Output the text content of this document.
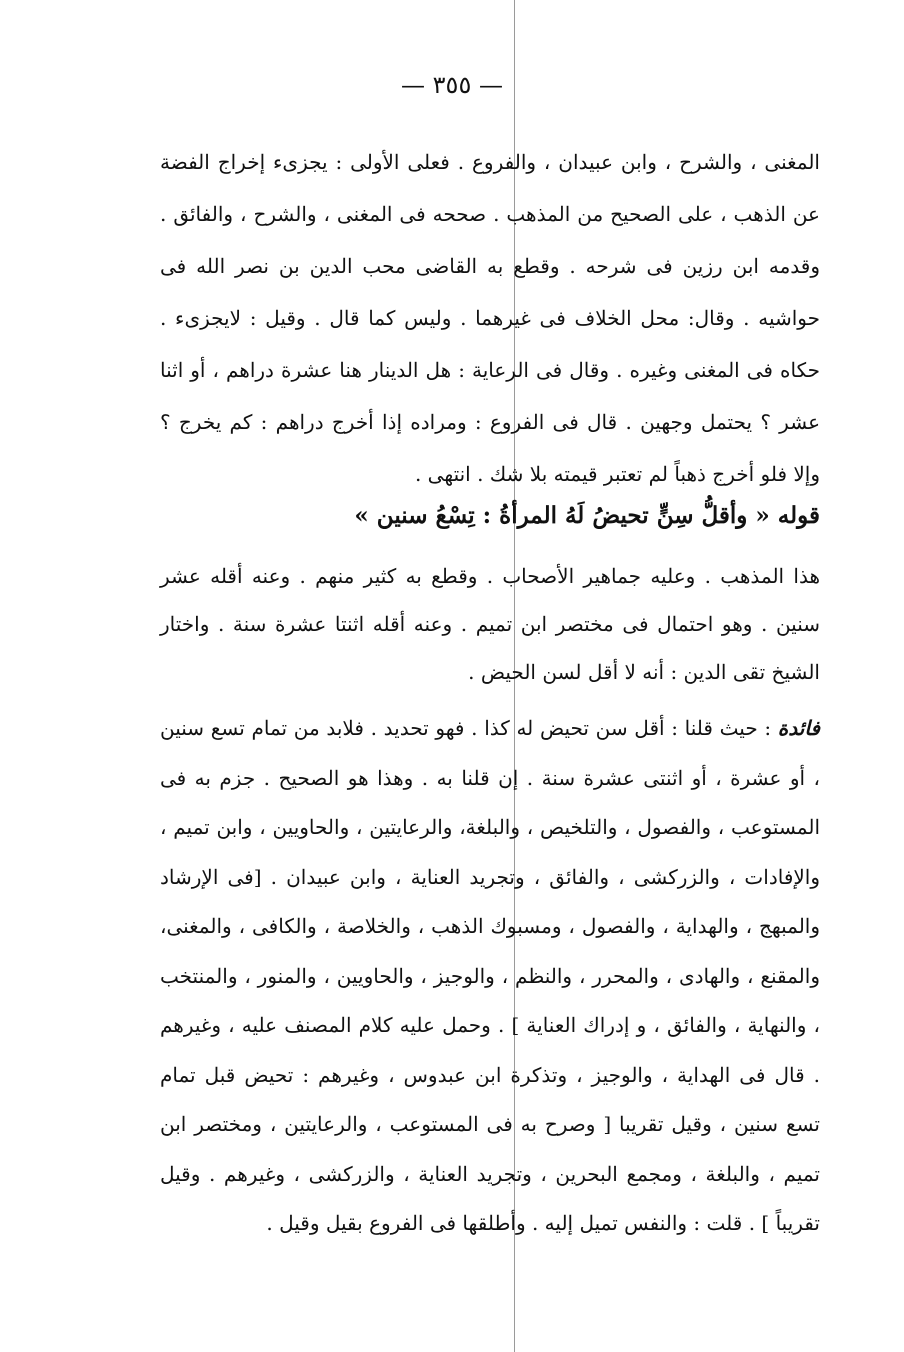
— ٣٥٥ —

المغنى ، والشرح ، وابن عبيدان ، والفروع . فعلى الأولى : يجزىء إخراج الفضة عن الذهب ، على الصحيح من المذهب . صححه فى المغنى ، والشرح ، والفائق . وقدمه ابن رزين فى شرحه . وقطع به القاضى محب الدين بن نصر الله فى حواشيه . وقال: محل الخلاف فى غيرهما . وليس كما قال . وقيل : لايجزىء . حكاه فى المغنى وغيره . وقال فى الرعاية : هل الدينار هنا عشرة دراهم ، أو اثنا عشر ؟ يحتمل وجهين . قال فى الفروع : ومراده إذا أخرج دراهم : كم يخرج ؟ وإلا فلو أخرج ذهباً لم تعتبر قيمته بلا شك . انتهى .

قوله « وأقلُّ سِنٍّ تحيضُ لَهُ المرأةُ : تِسْعُ سنين »

هذا المذهب . وعليه جماهير الأصحاب . وقطع به كثير منهم . وعنه أقله عشر سنين . وهو احتمال فى مختصر ابن تميم . وعنه أقله اثنتا عشرة سنة . واختار الشيخ تقى الدين : أنه لا أقل لسن الحيض .

فائدة : حيث قلنا : أقل سن تحيض له كذا . فهو تحديد . فلابد من تمام تسع سنين ، أو عشرة ، أو اثنتى عشرة سنة . إن قلنا به . وهذا هو الصحيح . جزم به فى المستوعب ، والفصول ، والتلخيص ، والبلغة، والرعايتين ، والحاويين ، وابن تميم ، والإفادات ، والزركشى ، والفائق ، وتجريد العناية ، وابن عبيدان . [فى الإرشاد والمبهج ، والهداية ، والفصول ، ومسبوك الذهب ، والخلاصة ، والكافى ، والمغنى، والمقنع ، والهادى ، والمحرر ، والنظم ، والوجيز ، والحاويين ، والمنور ، والمنتخب ، والنهاية ، والفائق ، و إدراك العناية ] . وحمل عليه كلام المصنف عليه ، وغيرهم . قال فى الهداية ، والوجيز ، وتذكرة ابن عبدوس ، وغيرهم : تحيض قبل تمام تسع سنين ، وقيل تقريبا [ وصرح به فى المستوعب ، والرعايتين ، ومختصر ابن تميم ، والبلغة ، ومجمع البحرين ، وتجريد العناية ، والزركشى ، وغيرهم . وقيل تقريباً ] . قلت : والنفس تميل إليه . وأطلقها فى الفروع بقيل وقيل .
